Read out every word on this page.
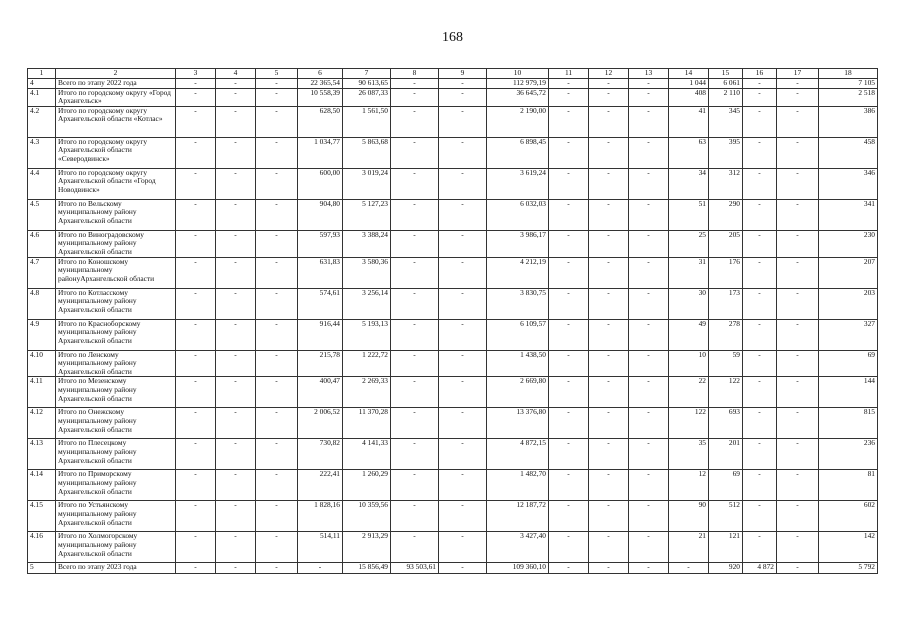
168
1	2	3	4	5	6	7	8	9	10	11	12	13	14	15	16	17	18
4	Всего по этапу 2022 года	-	-	-	22 365,54	90 613,65	-	-	112 979,19	-	-	-	1 044	6 061	-	-	7 105
4.1	Итого по городскому округу «Город Архангельск»	-	-	-	10 558,39	26 087,33	-	-	36 645,72	-	-	-	408	2 110	-	-	2 518
4.2	Итого по городскому округу Архангельской области «Котлас»	-	-	-	628,50	1 561,50	-	-	2 190,00	-	-	-	41	345	-	-	386
4.3	Итого по городскому округу Архангельской области «Северодвинск»	-	-	-	1 034,77	5 863,68	-	-	6 898,45	-	-	-	63	395	-	-	458
4.4	Итого по городскому округу Архангельской области «Город Новодвинск»	-	-	-	600,00	3 019,24	-	-	3 619,24	-	-	-	34	312	-	-	346
4.5	Итого по Вельскому муниципальному району Архангельской области	-	-	-	904,80	5 127,23	-	-	6 032,03	-	-	-	51	290	-	-	341
4.6	Итого по Виноградовскому муниципальному району Архангельской области	-	-	-	597,93	3 388,24	-	-	3 986,17	-	-	-	25	205	-	-	230
4.7	Итого по Коношскому муниципальному районуАрхангельской области	-	-	-	631,83	3 580,36	-	-	4 212,19	-	-	-	31	176	-	-	207
4.8	Итого по Котласскому муниципальному району Архангельской области	-	-	-	574,61	3 256,14	-	-	3 830,75	-	-	-	30	173	-	-	203
4.9	Итого по Красноборскому муниципальному району Архангельской области	-	-	-	916,44	5 193,13	-	-	6 109,57	-	-	-	49	278	-	-	327
4.10	Итого по Ленскому муниципальному району Архангельской области	-	-	-	215,78	1 222,72	-	-	1 438,50	-	-	-	10	59	-	-	69
4.11	Итого по Мезенскому муниципальному району Архангельской области	-	-	-	400,47	2 269,33	-	-	2 669,80	-	-	-	22	122	-	-	144
4.12	Итого по Онежскому муниципальному району Архангельской области	-	-	-	2 006,52	11 370,28	-	-	13 376,80	-	-	-	122	693	-	-	815
4.13	Итого по Плесецкому муниципальному району Архангельской области	-	-	-	730,82	4 141,33	-	-	4 872,15	-	-	-	35	201	-	-	236
4.14	Итого по Приморскому муниципальному району Архангельской области	-	-	-	222,41	1 260,29	-	-	1 482,70	-	-	-	12	69	-	-	81
4.15	Итого по Устьянскому муниципальному району Архангельской области	-	-	-	1 828,16	10 359,56	-	-	12 187,72	-	-	-	90	512	-	-	602
4.16	Итого по Холмогорскому муниципальному району Архангельской области	-	-	-	514,11	2 913,29	-	-	3 427,40	-	-	-	21	121	-	-	142
5	Всего по этапу 2023 года	-	-	-	-	15 856,49	93 503,61	-	109 360,10	-	-	-	-	920	4 872	-	5 792
